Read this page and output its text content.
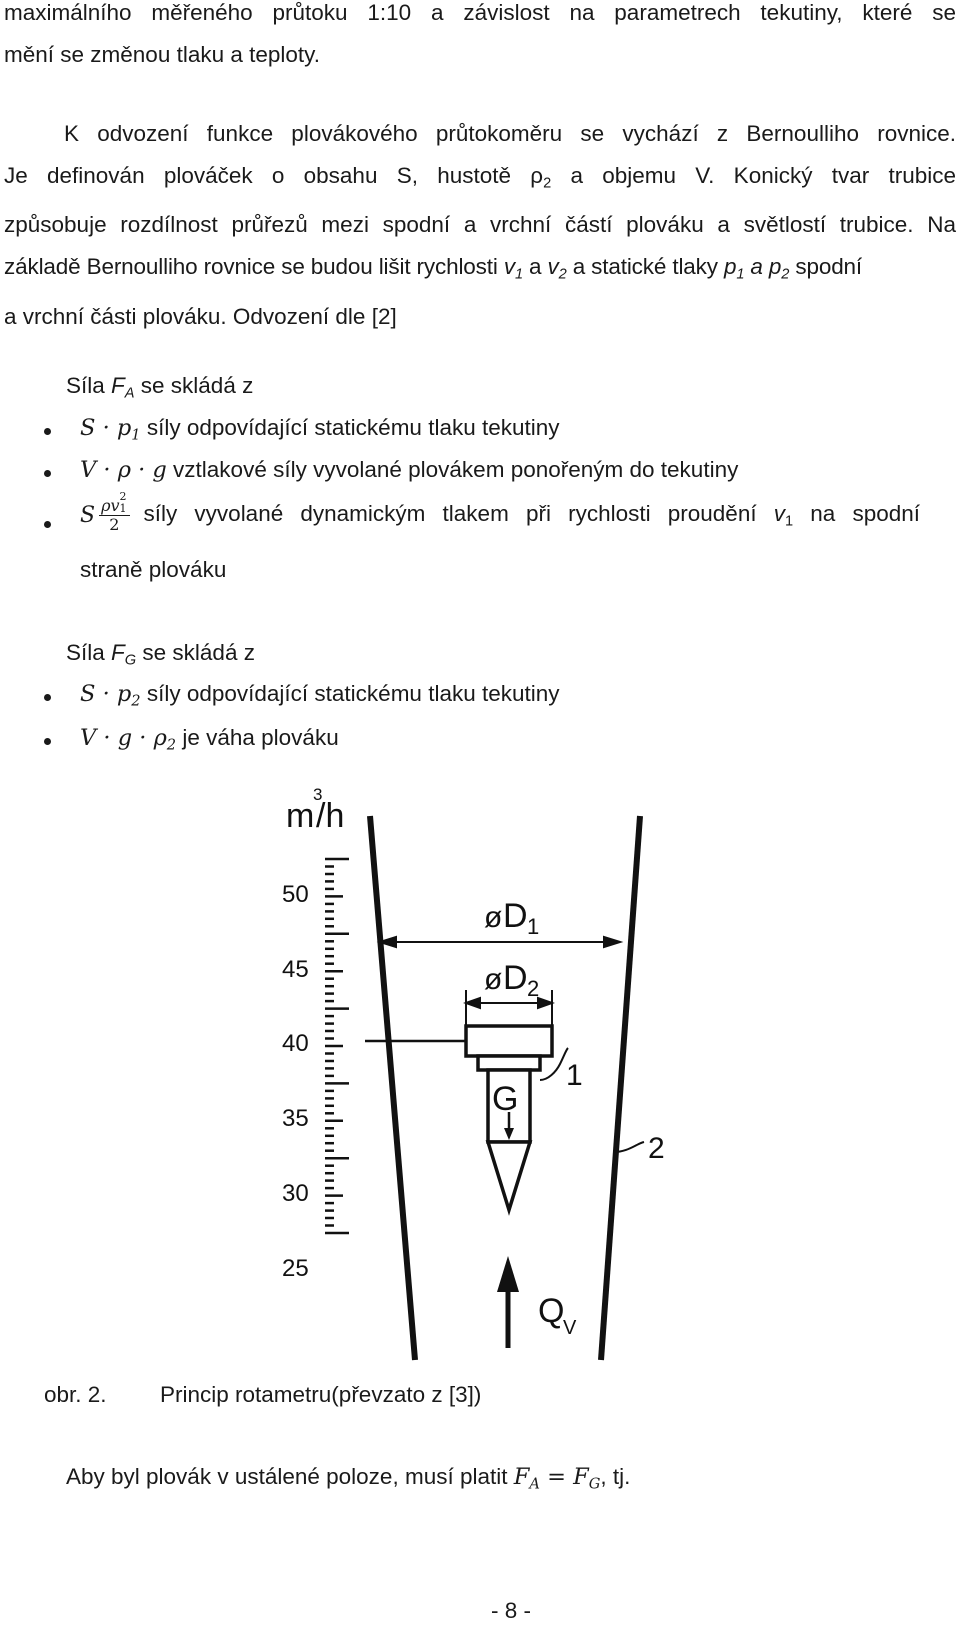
maximálního měřeného průtoku 1:10 a závislost na parametrech tekutiny, které se
mění se změnou tlaku a teploty.
K odvození funkce plovákového průtokoměru se vychází z Bernoulliho rovnice.
Je definován plováček o obsahu S, hustotě $\rho_2$ a objemu V. Konický tvar trubice
způsobuje rozdílnost průřezů mezi spodní a vrchní částí plováku a světlostí trubice. Na
základě Bernoulliho rovnice se budou lišit rychlosti $v_1$ a $v_2$ a statické tlaky $p_1$ a $p_2$ spodní
a vrchní části plováku. Odvození dle [2]
Síla $F_A$ se skládá z
$S \cdot p_1$ síly odpovídající statickému tlaku tekutiny
V · ρ · g vztlakové síly vyvolané plovákem ponořeným do tekutiny
S ρv 2
1

2 síly vyvolané dynamickým tlakem při rychlosti proudění $v_1$ na spodní
straně plováku
Síla $F_G$ se skládá z
$S \cdot p_2$ síly odpovídající statickému tlaku tekutiny
$V \cdot g \cdot \rho_2$ je váha plováku
m
3
/h
50
45
40
35
30
25
ø D 1
ø D 2
G
1
2
Q
V
obr. 2. Princip rotametru(převzato z [3])
Aby byl plovák v ustálené poloze, musí platit $F_A = F_G$, tj.
- 8 -
